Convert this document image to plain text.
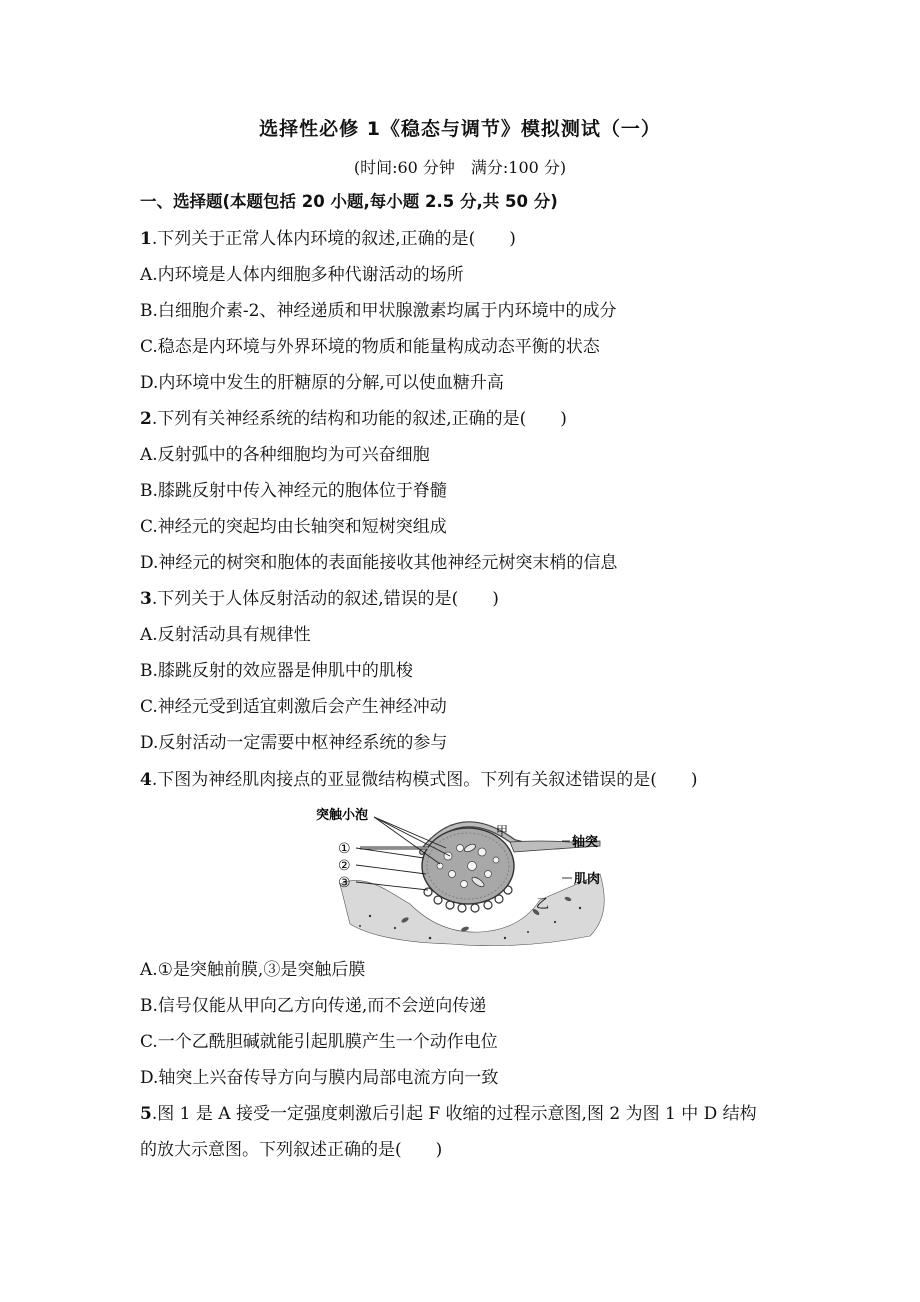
选择性必修 1《稳态与调节》模拟测试（一）
(时间:60 分钟　满分:100 分)
一、选择题(本题包括 20 小题,每小题 2.5 分,共 50 分)
1.下列关于正常人体内环境的叙述,正确的是(　　)
A.内环境是人体内细胞多种代谢活动的场所
B.白细胞介素-2、神经递质和甲状腺激素均属于内环境中的成分
C.稳态是内环境与外界环境的物质和能量构成动态平衡的状态
D.内环境中发生的肝糖原的分解,可以使血糖升高
2.下列有关神经系统的结构和功能的叙述,正确的是(　　)
A.反射弧中的各种细胞均为可兴奋细胞
B.膝跳反射中传入神经元的胞体位于脊髓
C.神经元的突起均由长轴突和短树突组成
D.神经元的树突和胞体的表面能接收其他神经元树突末梢的信息
3.下列关于人体反射活动的叙述,错误的是(　　)
A.反射活动具有规律性
B.膝跳反射的效应器是伸肌中的肌梭
C.神经元受到适宜刺激后会产生神经冲动
D.反射活动一定需要中枢神经系统的参与
4.下图为神经肌肉接点的亚显微结构模式图。下列有关叙述错误的是(　　)
突触小泡
①
②
③
甲
乙
轴突
肌肉
A.①是突触前膜,③是突触后膜
B.信号仅能从甲向乙方向传递,而不会逆向传递
C.一个乙酰胆碱就能引起肌膜产生一个动作电位
D.轴突上兴奋传导方向与膜内局部电流方向一致
5.图 1 是 A 接受一定强度刺激后引起 F 收缩的过程示意图,图 2 为图 1 中 D 结构
的放大示意图。下列叙述正确的是(　　)
